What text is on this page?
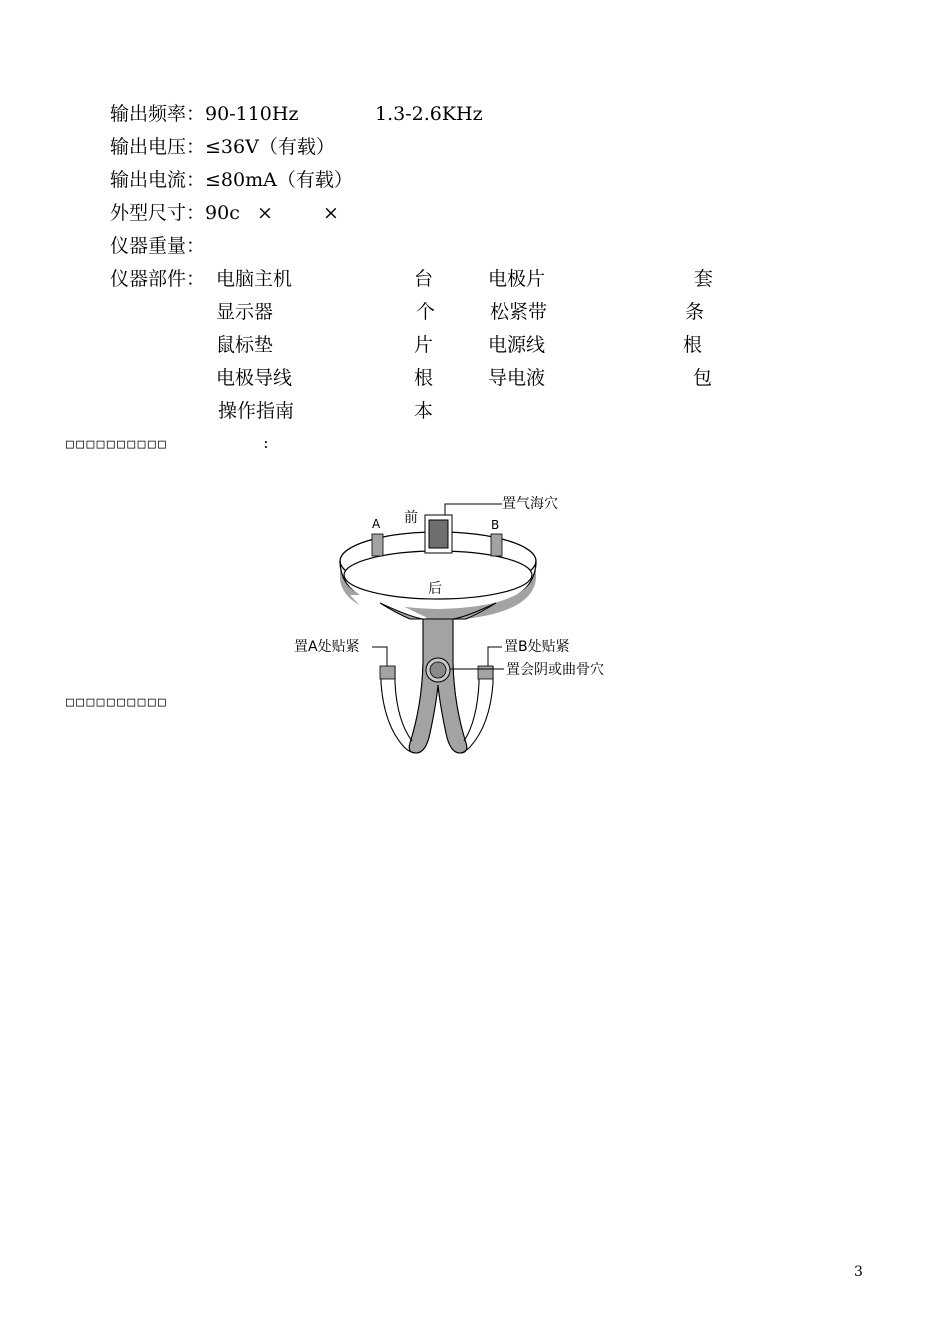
输出频率：90-110Hz	1.3-2.6KHz
输出电压：≤36V（有载）
输出电流：≤80mA（有载）
外型尺寸：90c ×	×
仪器重量：
仪器部件： 电脑主机	台	电极片	套
显示器	个	松紧带	条
鼠标垫	片	电源线	根
电极导线	根	导电液	包
操作指南	本
□□□□□□□□□□	:
□□□□□□□□□□
前
后
A	B
置气海穴
置A处贴紧	置B处贴紧
置会阴或曲骨穴
3
